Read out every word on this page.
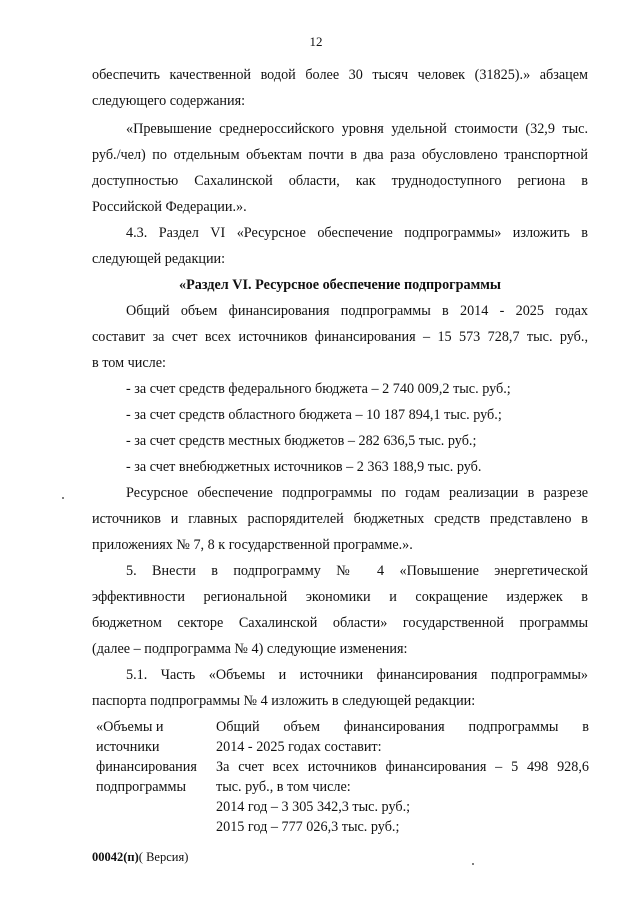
12
обеспечить качественной водой более 30 тысяч человек (31825).» абзацем
следующего содержания:
«Превышение среднероссийского уровня удельной стоимости (32,9 тыс.
руб./чел) по отдельным объектам почти в два раза обусловлено транспортной
доступностью Сахалинской области, как труднодоступного региона в
Российской Федерации.».
4.3. Раздел VI «Ресурсное обеспечение подпрограммы» изложить в
следующей редакции:
«Раздел VI. Ресурсное обеспечение подпрограммы
Общий объем финансирования подпрограммы в 2014 - 2025 годах
составит за счет всех источников финансирования – 15 573 728,7 тыс. руб.,
в том числе:
- за счет средств федерального бюджета – 2 740 009,2 тыс. руб.;
- за счет средств областного бюджета – 10 187 894,1 тыс. руб.;
- за счет средств местных бюджетов – 282 636,5 тыс. руб.;
- за счет внебюджетных источников – 2 363 188,9 тыс. руб.
Ресурсное обеспечение подпрограммы по годам реализации в разрезе
источников и главных распорядителей бюджетных средств представлено в
приложениях № 7, 8 к государственной программе.».
5. Внести в подпрограмму № 4 «Повышение энергетической
эффективности региональной экономики и сокращение издержек в
бюджетном секторе Сахалинской области» государственной программы
(далее – подпрограмма № 4) следующие изменения:
5.1. Часть «Объемы и источники финансирования подпрограммы»
паспорта подпрограммы № 4 изложить в следующей редакции:
«Объемы и
источники
финансирования
подпрограммы
Общий объем финансирования подпрограммы в
2014 - 2025 годах составит:
За счет всех источников финансирования – 5 498 928,6
тыс. руб., в том числе:
2014 год – 3 305 342,3 тыс. руб.;
2015 год – 777 026,3 тыс. руб.;
00042(п)( Версия)
